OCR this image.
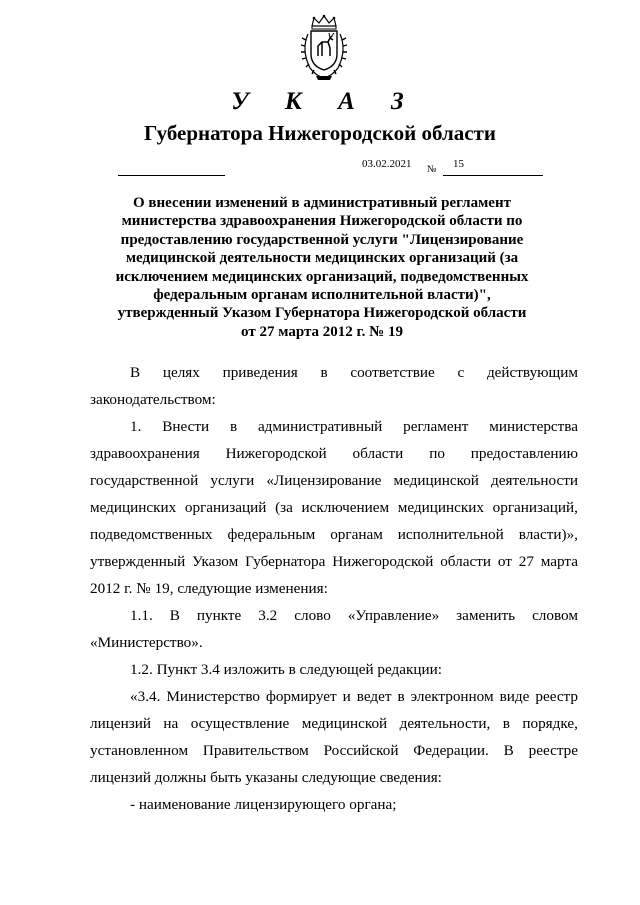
У К А З
Губернатора Нижегородской области
03.02.2021 № 15
О внесении изменений в административный регламент
министерства здравоохранения Нижегородской области по
предоставлению государственной услуги "Лицензирование
медицинской деятельности медицинских организаций (за
исключением медицинских организаций, подведомственных
федеральным органам исполнительной власти)",
утвержденный Указом Губернатора Нижегородской области
от 27 марта 2012 г. № 19
В целях приведения в соответствие с действующим
законодательством:
1. Внести в административный регламент министерства
здравоохранения Нижегородской области по предоставлению
государственной услуги «Лицензирование медицинской деятельности
медицинских организаций (за исключением медицинских организаций,
подведомственных федеральным органам исполнительной власти)»,
утвержденный Указом Губернатора Нижегородской области от 27 марта
2012 г. № 19, следующие изменения:
1.1. В пункте 3.2 слово «Управление» заменить словом
«Министерство».
1.2. Пункт 3.4 изложить в следующей редакции:
«3.4. Министерство формирует и ведет в электронном виде реестр
лицензий на осуществление медицинской деятельности, в порядке,
установленном Правительством Российской Федерации. В реестре
лицензий должны быть указаны следующие сведения:
- наименование лицензирующего органа;
